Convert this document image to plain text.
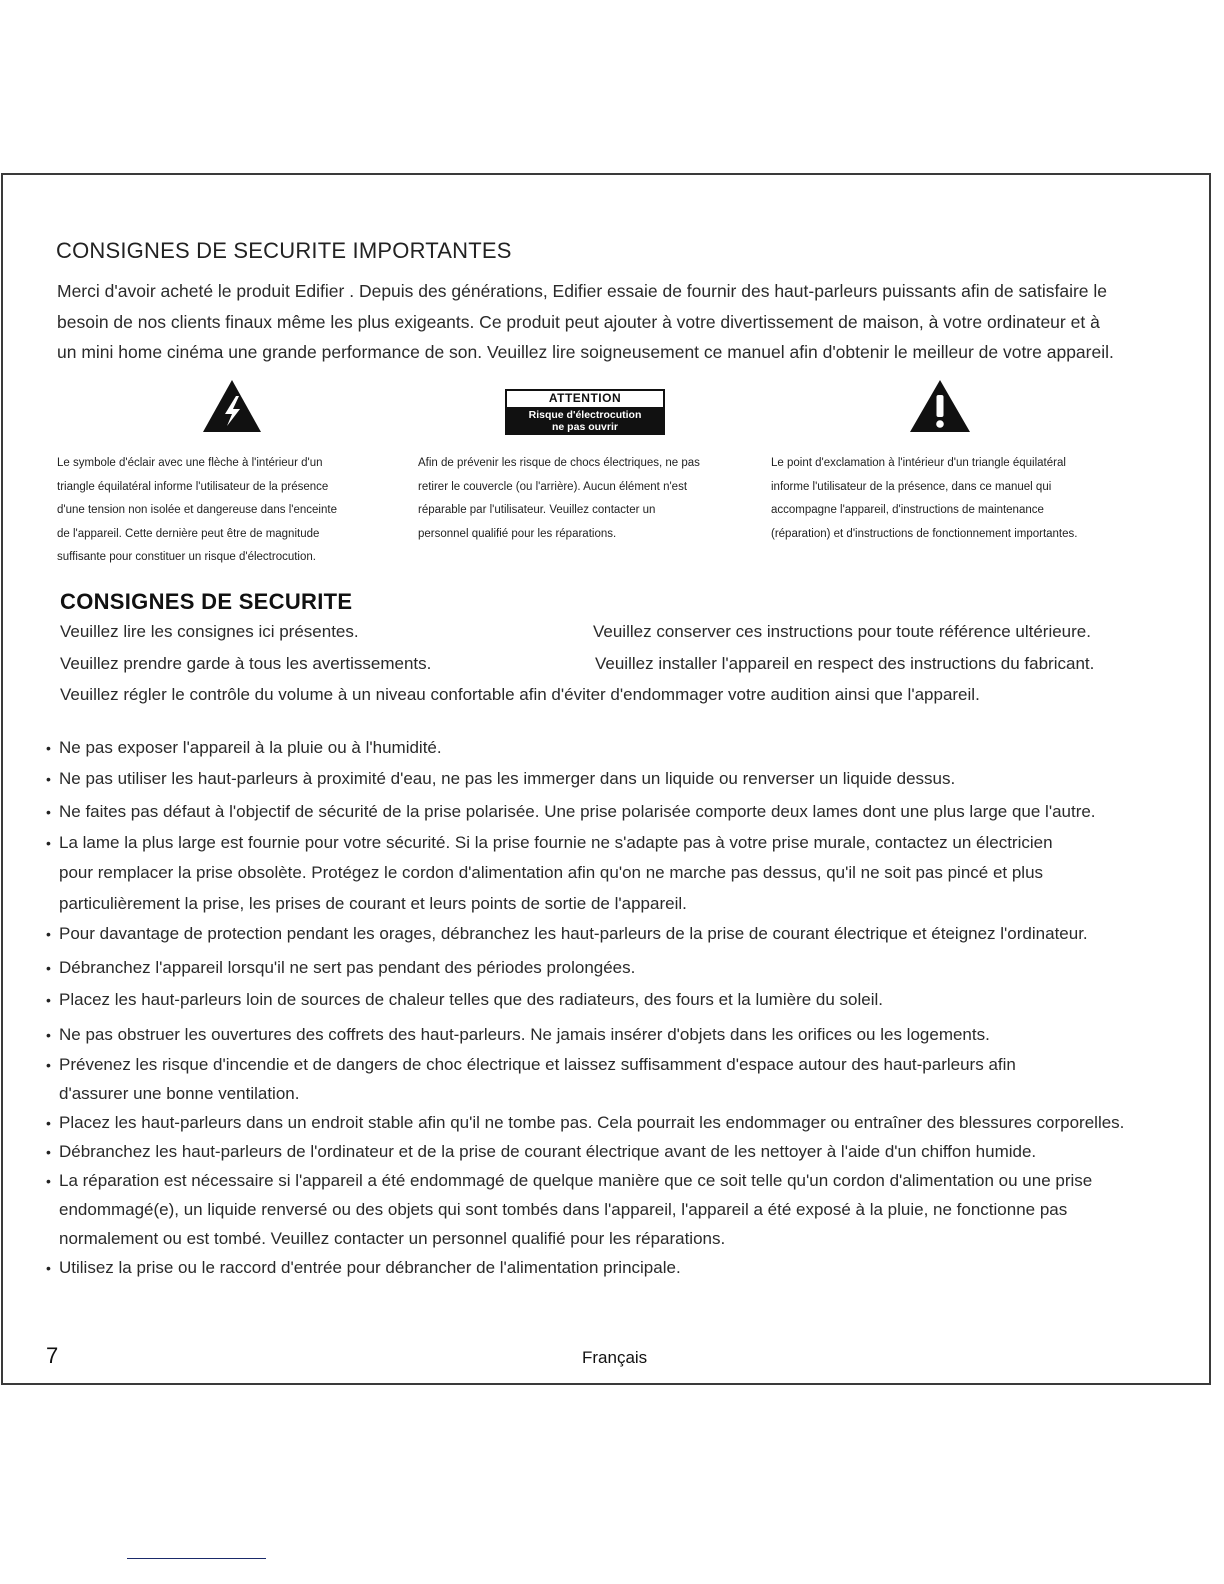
CONSIGNES DE SECURITE IMPORTANTES

Merci d'avoir acheté le produit Edifier . Depuis des générations, Edifier essaie de fournir des haut-parleurs puissants afin de satisfaire le

besoin de nos clients finaux même les plus exigeants. Ce produit peut ajouter à votre divertissement de maison, à votre ordinateur et à

un mini home cinéma une grande performance de son. Veuillez lire soigneusement ce manuel afin d'obtenir le meilleur de votre appareil.

ATTENTION
Risque d'électrocution
ne pas ouvrir

Le symbole d'éclair avec une flèche à l'intérieur d'un

triangle équilatéral informe l'utilisateur de la présence

d'une tension non isolée et dangereuse dans l'enceinte

de l'appareil. Cette dernière peut être de magnitude

suffisante pour constituer un risque d'électrocution.

Afin de prévenir les risque de chocs électriques, ne pas

retirer le couvercle (ou l'arrière). Aucun élément n'est

réparable par l'utilisateur. Veuillez contacter un

personnel qualifié pour les réparations.

Le point d'exclamation à l'intérieur d'un triangle équilatéral

informe l'utilisateur de la présence, dans ce manuel qui

accompagne l'appareil, d'instructions de maintenance

(réparation) et d'instructions de fonctionnement importantes.

CONSIGNES DE SECURITE

Veuillez lire les consignes ici présentes.	Veuillez conserver ces instructions pour toute référence ultérieure.

Veuillez prendre garde à tous les avertissements.	Veuillez installer l'appareil en respect des instructions du fabricant.

Veuillez régler le contrôle du volume à un niveau confortable afin d'éviter d'endommager votre audition ainsi que l'appareil.

• Ne pas exposer l'appareil à la pluie ou à l'humidité.
• Ne pas utiliser les haut-parleurs à proximité d'eau, ne pas les immerger dans un liquide ou renverser un liquide dessus.
• Ne faites pas défaut à l'objectif de sécurité de la prise polarisée. Une prise polarisée comporte deux lames dont une plus large que l'autre.
• La lame la plus large est fournie pour votre sécurité. Si la prise fournie ne s'adapte pas à votre prise murale, contactez un électricien
pour remplacer la prise obsolète. Protégez le cordon d'alimentation afin qu'on ne marche pas dessus, qu'il ne soit pas pincé et plus
particulièrement la prise, les prises de courant et leurs points de sortie de l'appareil.
• Pour davantage de protection pendant les orages, débranchez les haut-parleurs de la prise de courant électrique et éteignez l'ordinateur.
• Débranchez l'appareil lorsqu'il ne sert pas pendant des périodes prolongées.
• Placez les haut-parleurs loin de sources de chaleur telles que des radiateurs, des fours et la lumière du soleil.
• Ne pas obstruer les ouvertures des coffrets des haut-parleurs. Ne jamais insérer d'objets dans les orifices ou les logements.
• Prévenez les risque d'incendie et de dangers de choc électrique et laissez suffisamment d'espace autour des haut-parleurs afin
d'assurer une bonne ventilation.
• Placez les haut-parleurs dans un endroit stable afin qu'il ne tombe pas. Cela pourrait les endommager ou entraîner des blessures corporelles.
• Débranchez les haut-parleurs de l'ordinateur et de la prise de courant électrique avant de les nettoyer à l'aide d'un chiffon humide.
• La réparation est nécessaire si l'appareil a été endommagé de quelque manière que ce soit telle qu'un cordon d'alimentation ou une prise
endommagé(e), un liquide renversé ou des objets qui sont tombés dans l'appareil, l'appareil a été exposé à la pluie, ne fonctionne pas
normalement ou est tombé. Veuillez contacter un personnel qualifié pour les réparations.
• Utilisez la prise ou le raccord d'entrée pour débrancher de l'alimentation principale.

7	Français
